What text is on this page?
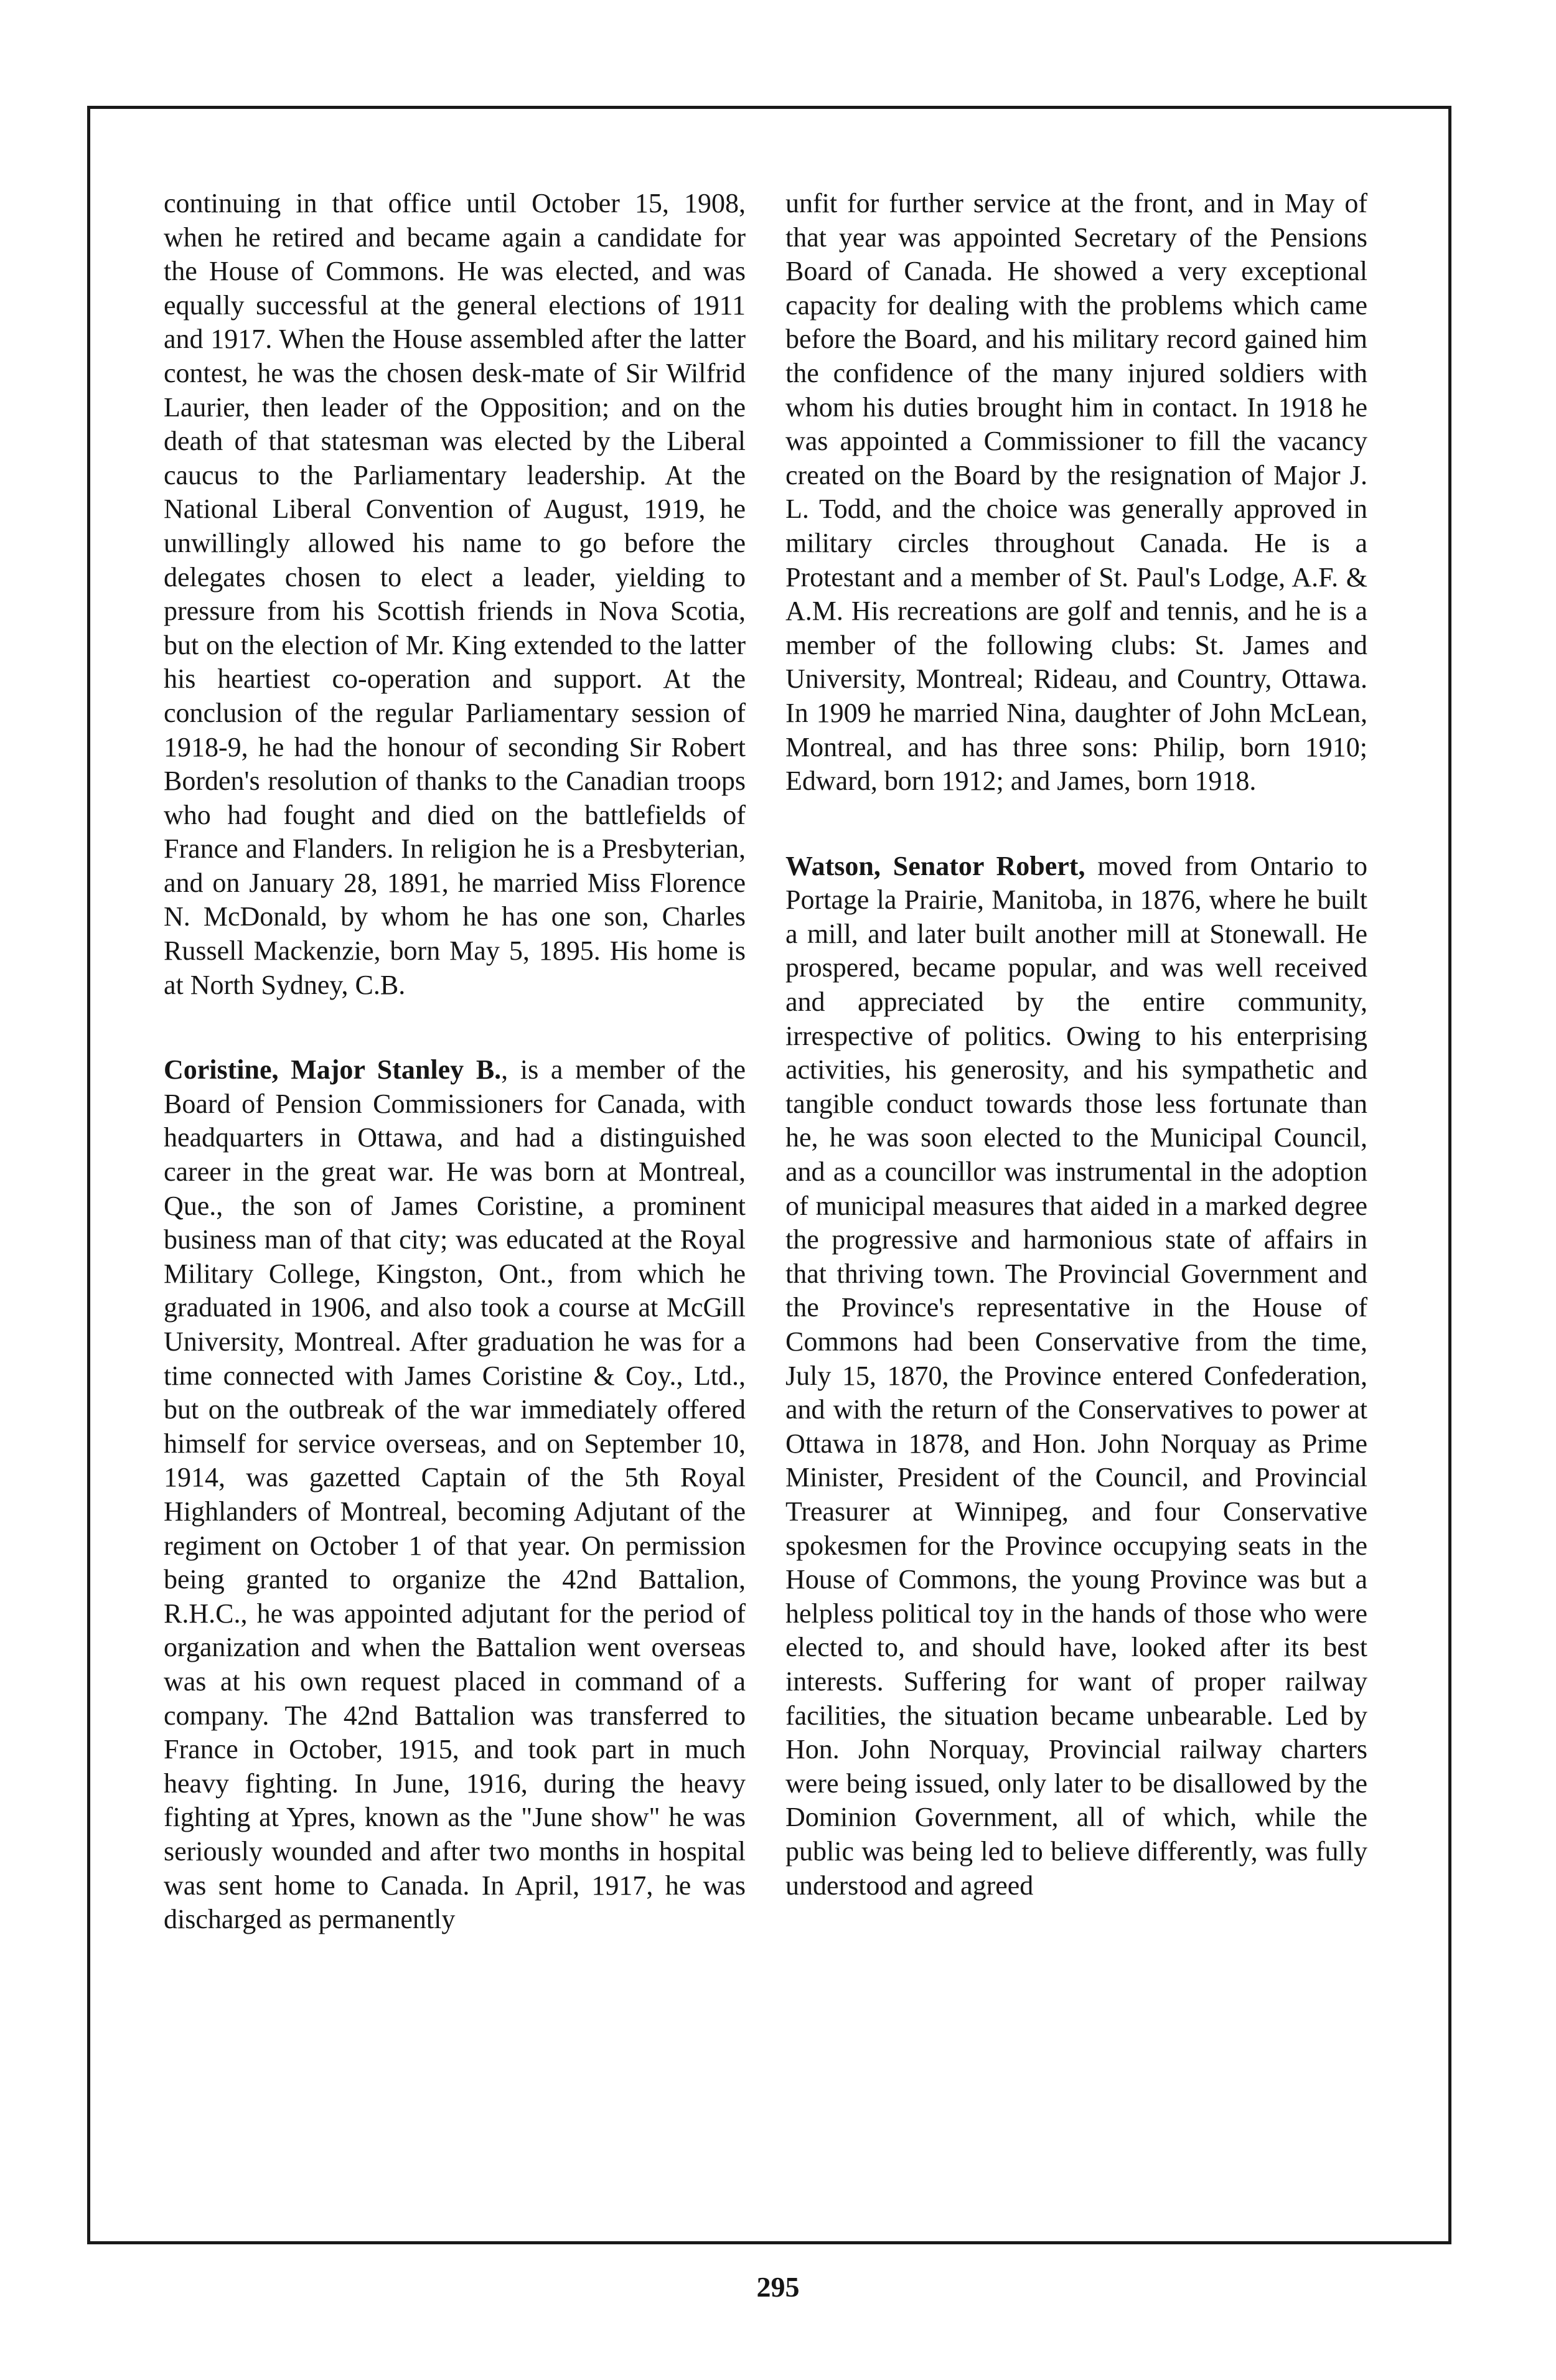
continuing in that office until October 15, 1908, when he retired and became again a candidate for the House of Commons. He was elected, and was equally successful at the general elections of 1911 and 1917. When the House assembled after the latter contest, he was the chosen desk-mate of Sir Wilfrid Laurier, then leader of the Opposition; and on the death of that statesman was elected by the Liberal caucus to the Parliamentary leadership. At the National Liberal Convention of August, 1919, he unwillingly allowed his name to go before the delegates chosen to elect a leader, yielding to pressure from his Scottish friends in Nova Scotia, but on the election of Mr. King extended to the latter his heartiest co-operation and support. At the conclusion of the regular Parliamentary session of 1918-9, he had the honour of seconding Sir Robert Borden's resolution of thanks to the Canadian troops who had fought and died on the battlefields of France and Flanders. In religion he is a Presbyterian, and on January 28, 1891, he married Miss Florence N. McDonald, by whom he has one son, Charles Russell Mackenzie, born May 5, 1895. His home is at North Sydney, C.B.

Coristine, Major Stanley B., is a member of the Board of Pension Commissioners for Canada, with headquarters in Ottawa, and had a distinguished career in the great war. He was born at Montreal, Que., the son of James Coristine, a prominent business man of that city; was educated at the Royal Military College, Kingston, Ont., from which he graduated in 1906, and also took a course at McGill University, Montreal. After graduation he was for a time connected with James Coristine & Coy., Ltd., but on the outbreak of the war immediately offered himself for service overseas, and on September 10, 1914, was gazetted Captain of the 5th Royal Highlanders of Montreal, becoming Adjutant of the regiment on October 1 of that year. On permission being granted to organize the 42nd Battalion, R.H.C., he was appointed adjutant for the period of organization and when the Battalion went overseas was at his own request placed in command of a company. The 42nd Battalion was transferred to France in October, 1915, and took part in much heavy fighting. In June, 1916, during the heavy fighting at Ypres, known as the "June show" he was seriously wounded and after two months in hospital was sent home to Canada. In April, 1917, he was discharged as permanently

unfit for further service at the front, and in May of that year was appointed Secretary of the Pensions Board of Canada. He showed a very exceptional capacity for dealing with the problems which came before the Board, and his military record gained him the confidence of the many injured soldiers with whom his duties brought him in contact. In 1918 he was appointed a Commissioner to fill the vacancy created on the Board by the resignation of Major J. L. Todd, and the choice was generally approved in military circles throughout Canada. He is a Protestant and a member of St. Paul's Lodge, A.F. & A.M. His recreations are golf and tennis, and he is a member of the following clubs: St. James and University, Montreal; Rideau, and Country, Ottawa. In 1909 he married Nina, daughter of John McLean, Montreal, and has three sons: Philip, born 1910; Edward, born 1912; and James, born 1918.

Watson, Senator Robert, moved from Ontario to Portage la Prairie, Manitoba, in 1876, where he built a mill, and later built another mill at Stonewall. He prospered, became popular, and was well received and appreciated by the entire community, irrespective of politics. Owing to his enterprising activities, his generosity, and his sympathetic and tangible conduct towards those less fortunate than he, he was soon elected to the Municipal Council, and as a councillor was instrumental in the adoption of municipal measures that aided in a marked degree the progressive and harmonious state of affairs in that thriving town. The Provincial Government and the Province's representative in the House of Commons had been Conservative from the time, July 15, 1870, the Province entered Confederation, and with the return of the Conservatives to power at Ottawa in 1878, and Hon. John Norquay as Prime Minister, President of the Council, and Provincial Treasurer at Winnipeg, and four Conservative spokesmen for the Province occupying seats in the House of Commons, the young Province was but a helpless political toy in the hands of those who were elected to, and should have, looked after its best interests. Suffering for want of proper railway facilities, the situation became unbearable. Led by Hon. John Norquay, Provincial railway charters were being issued, only later to be disallowed by the Dominion Government, all of which, while the public was being led to believe differently, was fully understood and agreed

295
